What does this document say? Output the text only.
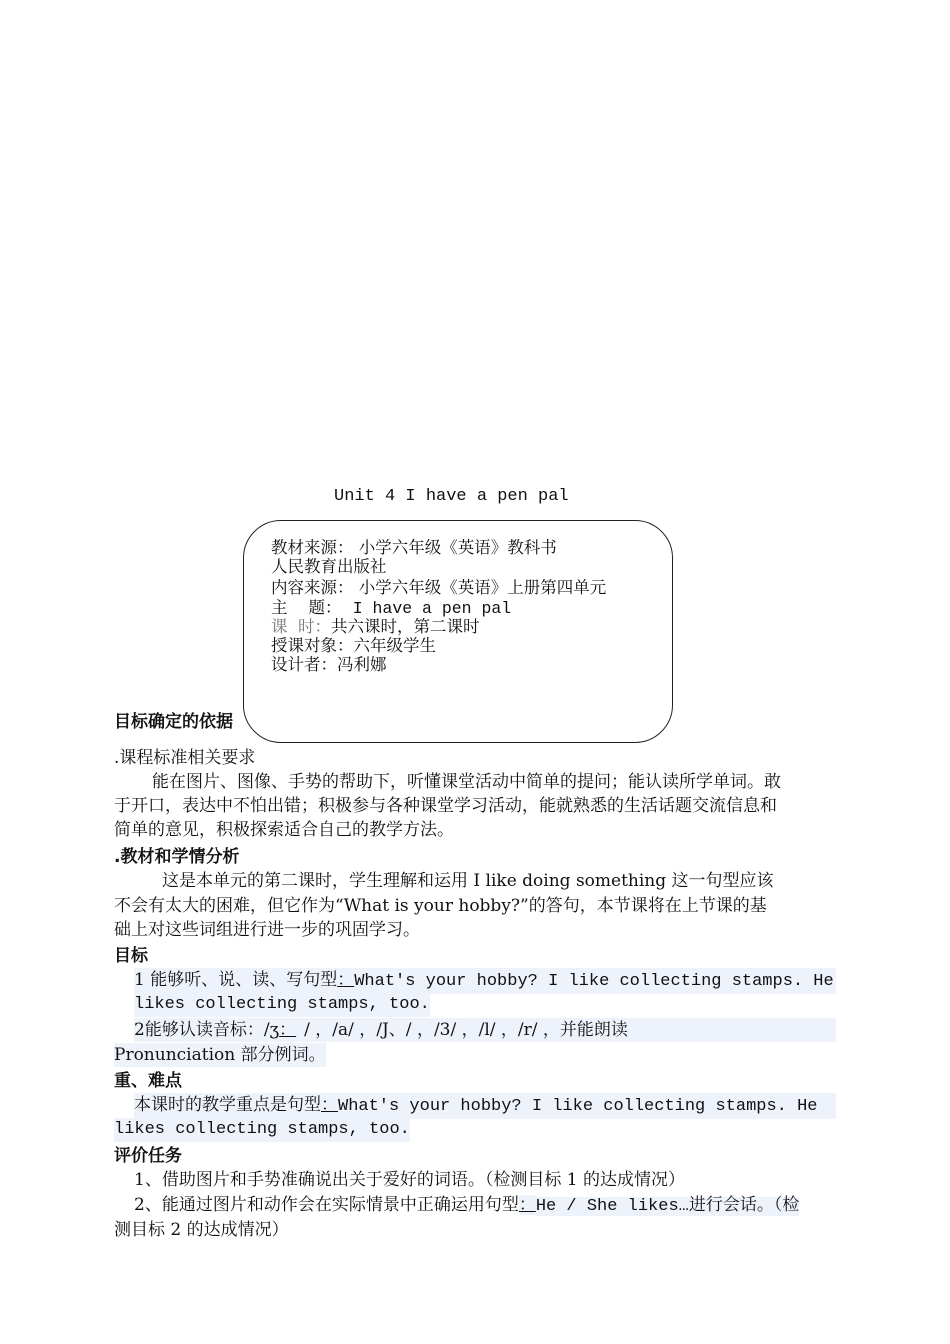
Unit 4 I have a pen pal
教材来源： 小学六年级《英语》教科书
人民教育出版社
内容来源： 小学六年级《英语》上册第四单元
主    题： I have a pen pal
课  时：共六课时，第二课时
授课对象：六年级学生
设计者：冯利娜
目标确定的依据
.课程标准相关要求
能在图片、图像、手势的帮助下，听懂课堂活动中简单的提问；能认读所学单词。敢
于开口，表达中不怕出错；积极参与各种课堂学习活动，能就熟悉的生活话题交流信息和
简单的意见，积极探索适合自己的教学方法。
.教材和学情分析
这是本单元的第二课时，学生理解和运用 I like doing something 这一句型应该
不会有太大的困难，但它作为“What is your hobby?”的答句，本节课将在上节课的基
础上对这些词组进行进一步的巩固学习。
目标
1 能够听、说、读、写句型：What's your hobby? I like collecting stamps. He
likes collecting stamps, too.
2能够认读音标：/ʒ： / ，/a/ ，/J、/ ，/3/ ，/l/ ，/r/ ，并能朗读
Pronunciation 部分例词。
重、难点
本课时的教学重点是句型：What's your hobby? I like collecting stamps. He
likes collecting stamps, too.
评价任务
1、借助图片和手势准确说出关于爱好的词语。（检测目标 1 的达成情况）
2、能通过图片和动作会在实际情景中正确运用句型：He / She likes…进行会话。（检
测目标 2 的达成情况）
